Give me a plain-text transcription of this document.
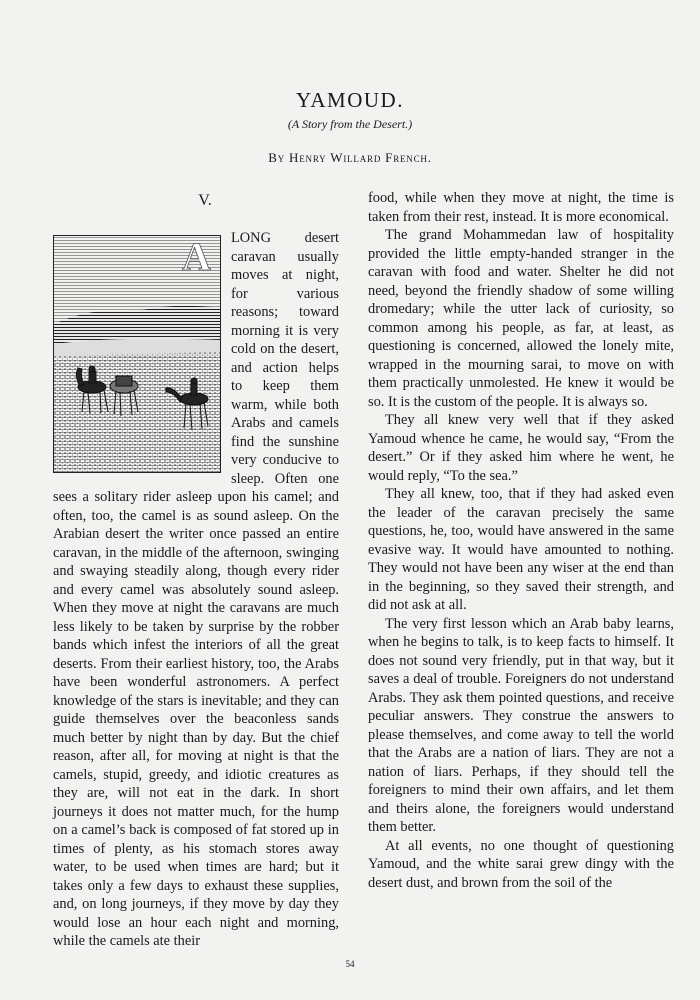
YAMOUD.
(A Story from the Desert.)
By Henry Willard French.
V.
A	LONG desert caravan usually moves at night, for various reasons; toward morning it is very cold on the desert, and action helps to keep them warm, while both Arabs and camels find the sunshine very conducive to sleep. Often one sees a solitary rider asleep upon his camel; and often, too, the camel is as sound asleep. On the Arabian desert the writer once passed an entire caravan, in the middle of the afternoon, swinging and swaying steadily along, though every rider and every camel was absolutely sound asleep. When they move at night the caravans are much less likely to be taken by surprise by the robber bands which infest the interiors of all the great deserts. From their earliest history, too, the Arabs have been wonderful astronomers. A perfect knowledge of the stars is inevitable; and they can guide themselves over the beaconless sands much better by night than by day. But the chief reason, after all, for moving at night is that the camels, stupid, greedy, and idiotic creatures as they are, will not eat in the dark. In short journeys it does not matter much, for the hump on a camel’s back is composed of fat stored up in times of plenty, as his stomach stores away water, to be used when times are hard; but it takes only a few days to exhaust these supplies, and, on long journeys, if they move by day they would lose an hour each night and morning, while the camels ate their

food, while when they move at night, the time is taken from their rest, instead. It is more economical.

The grand Mohammedan law of hospitality provided the little empty-handed stranger in the caravan with food and water. Shelter he did not need, beyond the friendly shadow of some willing dromedary; while the utter lack of curiosity, so common among his people, as far, at least, as questioning is concerned, allowed the lonely mite, wrapped in the mourning sarai, to move on with them practically unmolested. He knew it would be so. It is the custom of the people. It is always so.

They all knew very well that if they asked Yamoud whence he came, he would say, “From the desert.” Or if they asked him where he went, he would reply, “To the sea.”

They all knew, too, that if they had asked even the leader of the caravan precisely the same questions, he, too, would have answered in the same evasive way. It would have amounted to nothing. They would not have been any wiser at the end than in the beginning, so they saved their strength, and did not ask at all.

The very first lesson which an Arab baby learns, when he begins to talk, is to keep facts to himself. It does not sound very friendly, put in that way, but it saves a deal of trouble. Foreigners do not understand Arabs. They ask them pointed questions, and receive peculiar answers. They construe the answers to please themselves, and come away to tell the world that the Arabs are a nation of liars. They are not a nation of liars. Perhaps, if they should tell the foreigners to mind their own affairs, and let them and theirs alone, the foreigners would understand them better.

At all events, no one thought of questioning Yamoud, and the white sarai grew dingy with the desert dust, and brown from the soil of the

54
